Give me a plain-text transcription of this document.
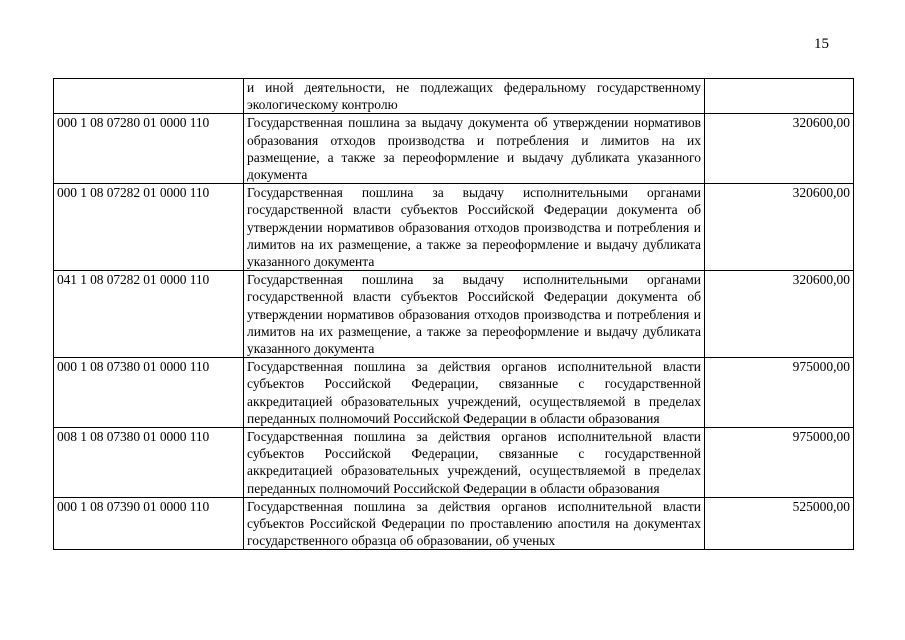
15
	и иной деятельности, не подлежащих федеральному государственному экологическому контролю	
000 1 08 07280 01 0000 110	Государственная пошлина за выдачу документа об утверждении нормативов образования отходов производства и потребления и лимитов на их размещение, а также за переоформление и выдачу дубликата указанного документа	320600,00
000 1 08 07282 01 0000 110	Государственная пошлина за выдачу исполнительными органами государственной власти субъектов Российской Федерации документа об утверждении нормативов образования отходов производства и потребления и лимитов на их размещение, а также за переоформление и выдачу дубликата указанного документа	320600,00
041 1 08 07282 01 0000 110	Государственная пошлина за выдачу исполнительными органами государственной власти субъектов Российской Федерации документа об утверждении нормативов образования отходов производства и потребления и лимитов на их размещение, а также за переоформление и выдачу дубликата указанного документа	320600,00
000 1 08 07380 01 0000 110	Государственная пошлина за действия органов исполнительной власти субъектов Российской Федерации, связанные с государственной аккредитацией образовательных учреждений, осуществляемой в пределах переданных полномочий Российской Федерации в области образования	975000,00
008 1 08 07380 01 0000 110	Государственная пошлина за действия органов исполнительной власти субъектов Российской Федерации, связанные с государственной аккредитацией образовательных учреждений, осуществляемой в пределах переданных полномочий Российской Федерации в области образования	975000,00
000 1 08 07390 01 0000 110	Государственная пошлина за действия органов исполнительной власти субъектов Российской Федерации по проставлению апостиля на документах государственного образца об образовании, об ученых	525000,00
